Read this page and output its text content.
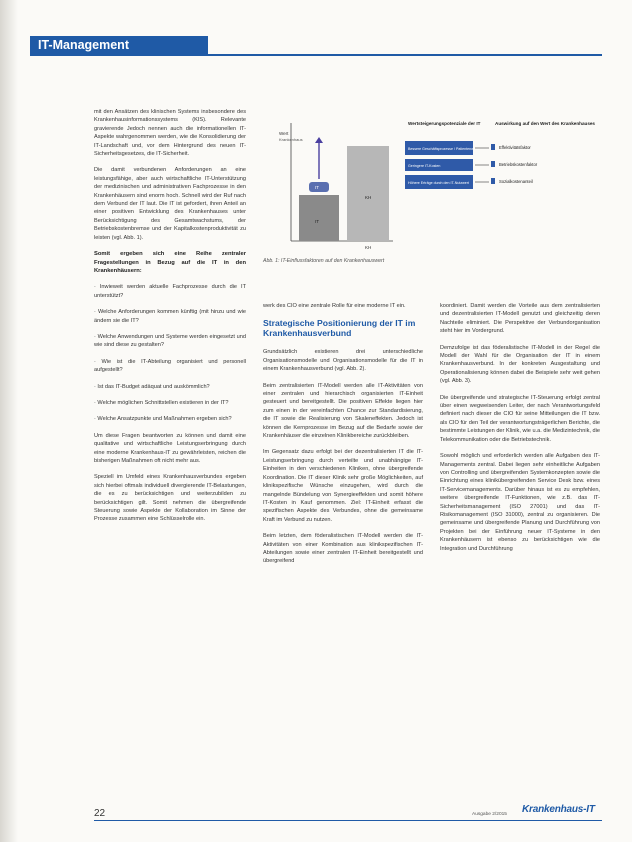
IT-Management

mit den Ansätzen des klinischen Systems insbesondere des Krankenhausinformationssystems (KIS). Relevante gravierende Jedoch nennen auch die informationellen IT-Aspekte wahrgenommen werden, wie die Konsolidierung der IT-Landschaft und, vor dem Hintergrund des neuen IT-Sicherheitsgesetzes, die IT-Sicherheit.

Die damit verbundenen Anforderungen an eine leistungsfähige, aber auch wirtschaftliche IT-Unterstützung der medizinischen und administrativen Fachprozesse in den Krankenhäusern sind enorm hoch. Schnell wird der Ruf nach dem Verbund der IT laut. Die IT ist gefordert, ihren Anteil an einer positiven Entwicklung des Krankenhauses unter Berücksichtigung des Gesamtwachstums, der Betriebskostenbremse und der Kapitalkostenproduktivität zu leisten (vgl. Abb. 1).

Somit ergeben sich eine Reihe zentraler Fragestellungen in Bezug auf die IT in den Krankenhäusern:

· Inwieweit werden aktuelle Fachprozesse durch die IT unterstützt?

· Welche Anforderungen kommen künftig (mit hinzu und wie ändern sie die IT?

· Welche Anwendungen und Systeme werden eingesetzt und wie sind diese zu gestalten?

· Wie ist die IT-Abteilung organisiert und personell aufgestellt?

· Ist das IT-Budget adäquat und auskömmlich?

· Welche möglichen Schnittstellen existieren in der IT?

· Welche Ansatzpunkte und Maßnahmen ergeben sich?

Um diese Fragen beantworten zu können und damit eine qualitative und wirtschaftliche Leistungserbringung durch eine moderne Krankenhaus-IT zu gewährleisten, reichen die bisherigen Maßnahmen oft nicht mehr aus.

Speziell im Umfeld eines Krankenhausverbundes ergeben sich hierbei oftmals individuell divergierende IT-Belastungen, die es zu berücksichtigen und weiterzubilden zu berücksichtigen gilt. Somit nehmen die übergreifende Steuerung sowie Aspekte der Kollaboration im Sinne der Prozesse zusammen eine Schlüsselrolle ein.

Wert
Krankenhaus
IT
KH
IT
KH
Wertsteigerungspotenziale der IT
Bessere Geschäftsprozesse / Patientenwerte
Geringere IT-Kosten
Höhere Erträge durch den IT-Nutzwert
Auswirkung auf den Wert des Krankenhauses
Effektivitätsfaktor
Betriebskostenfaktor
Sozialkostenanteil
Abb. 1: IT-Einflussfaktoren auf den Krankenhauswert

werk des CIO eine zentrale Rolle für eine moderne IT ein.

Strategische Positionierung der IT im Krankenhausverbund

Grundsätzlich existieren drei unterschiedliche Organisationsmodelle und Organisationsmodelle für die IT in einem Krankenhausverbund (vgl. Abb. 2).

Beim zentralisierten IT-Modell werden alle IT-Aktivitäten von einer zentralen und hierarchisch organisierten IT-Einheit gesteuert und bereitgestellt. Die positiven Effekte liegen hier zum einen in der vereinfachten Chance zur Standardisierung, die IT sowie die Realisierung von Skaleneffekten. Jedoch ist können die Kernprozesse im Bezug auf die Bedarfe sowie der Krankenhäuser die einzelnen Klinikbereiche zurückbleiben.

Im Gegensatz dazu erfolgt bei der dezentralisierten IT die IT-Leistungserbringung durch verteilte und unabhängige IT-Einheiten in den verschiedenen Kliniken, ohne übergreifende Koordination. Die IT dieser Klinik sehr große Möglichkeiten, auf klinikspezifische Wünsche einzugehen, wird durch die mangelnde Bündelung von Synergieeffekten und somit höhere IT-Kosten in Kauf genommen. Ziel: IT-Einheit erfasst die spezifischen Aspekte des Verbundes, ohne die gemeinsame Kraft im Verbund zu nutzen.

Beim letzten, dem föderalistischen IT-Modell werden die IT-Aktivitäten von einer Kombination aus klinikspezifischen IT-Abteilungen sowie einer zentralen IT-Einheit bereitgestellt und übergreifend

koordiniert. Damit werden die Vorteile aus dem zentralisierten und dezentralisierten IT-Modell genutzt und gleichzeitig deren Nachteile eliminiert. Die Perspektive der Verbundorganisation steht hier im Vordergrund.

Demzufolge ist das föderalistische IT-Modell in der Regel die Modell der Wahl für die Organisation der IT in einem Krankenhausverbund. In der konkreten Ausgestaltung und Operationalisierung können dabei die Beispiele sehr weit gehen (vgl. Abb. 3).

Die übergreifende und strategische IT-Steuerung erfolgt zentral über einen wegweisenden Leiter, der nach Verantwortungsfeld definiert nach dieser die CIO für seine Mitteilungen die IT bzw. als CIO für den Teil der verantwortungsträgerlichen Berichte, die bestimmte Leistungen der Klinik, wie u.a. die Medizintechnik, die Telekommunikation oder die Betriebstechnik.

Sowohl möglich und erforderlich werden alle Aufgaben des IT-Managements zentral. Dabei liegen sehr einheitliche Aufgaben von Controlling und übergreifenden Systemkonzepten sowie die Einrichtung eines klinikübergreifenden Service Desk bzw. eines IT-Servicemanagements. Darüber hinaus ist es zu empfehlen, weitere übergreifende IT-Funktionen, wie z.B. das IT-Sicherheitsmanagement (ISO 27001) und das IT-Risikomanagement (ISO 31000), zentral zu organisieren. Die gemeinsame und übergreifende Planung und Durchführung von Projekten bei der Einführung neuer IT-Systeme in den Krankenhäusern ist ebenso zu berücksichtigen wie die Integration und Durchführung

22	Ausgabe 2/2015 Krankenhaus-IT
